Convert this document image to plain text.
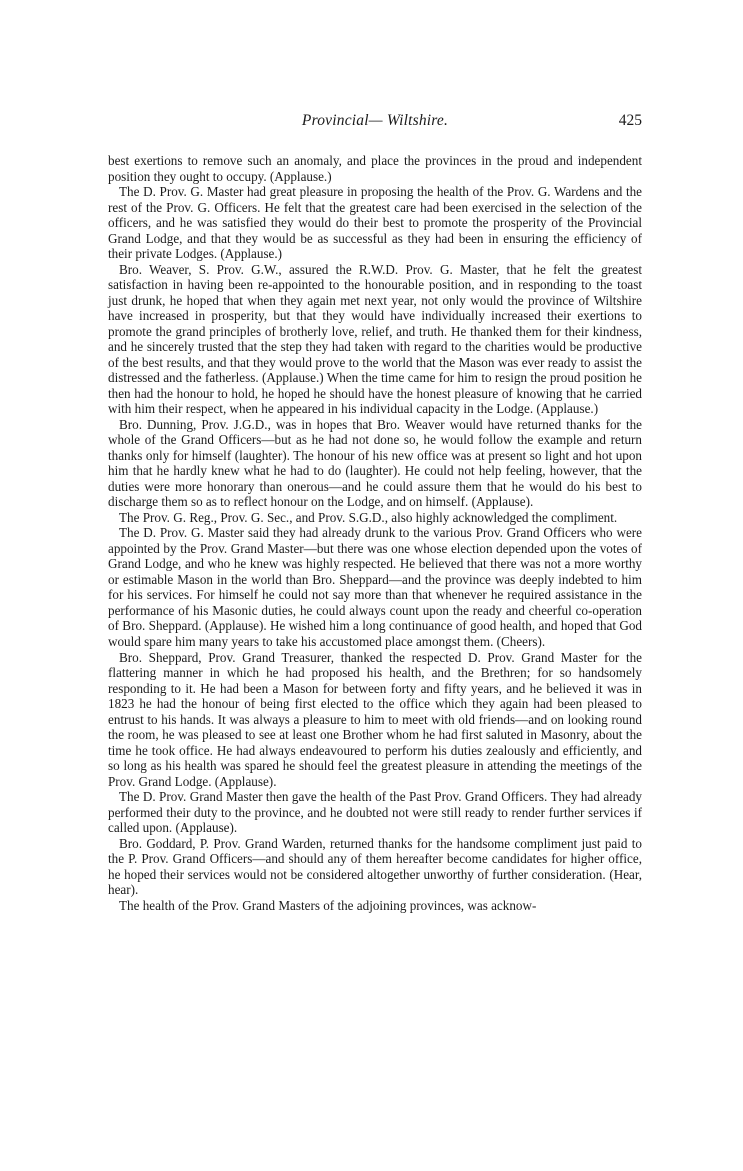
Provincial— Wiltshire.	425

best exertions to remove such an anomaly, and place the provinces in the proud and independent position they ought to occupy. (Applause.)

The D. Prov. G. Master had great pleasure in proposing the health of the Prov. G. Wardens and the rest of the Prov. G. Officers. He felt that the greatest care had been exercised in the selection of the officers, and he was satisfied they would do their best to promote the prosperity of the Provincial Grand Lodge, and that they would be as successful as they had been in ensuring the efficiency of their private Lodges. (Applause.)

Bro. Weaver, S. Prov. G.W., assured the R.W.D. Prov. G. Master, that he felt the greatest satisfaction in having been re-appointed to the honourable position, and in responding to the toast just drunk, he hoped that when they again met next year, not only would the province of Wiltshire have increased in prosperity, but that they would have individually increased their exertions to promote the grand principles of brotherly love, relief, and truth. He thanked them for their kindness, and he sincerely trusted that the step they had taken with regard to the charities would be productive of the best results, and that they would prove to the world that the Mason was ever ready to assist the distressed and the fatherless. (Applause.) When the time came for him to resign the proud position he then had the honour to hold, he hoped he should have the honest pleasure of knowing that he carried with him their respect, when he appeared in his individual capacity in the Lodge. (Applause.)

Bro. Dunning, Prov. J.G.D., was in hopes that Bro. Weaver would have returned thanks for the whole of the Grand Officers—but as he had not done so, he would follow the example and return thanks only for himself (laughter). The honour of his new office was at present so light and hot upon him that he hardly knew what he had to do (laughter). He could not help feeling, however, that the duties were more honorary than onerous—and he could assure them that he would do his best to discharge them so as to reflect honour on the Lodge, and on himself. (Applause).

The Prov. G. Reg., Prov. G. Sec., and Prov. S.G.D., also highly acknowledged the compliment.

The D. Prov. G. Master said they had already drunk to the various Prov. Grand Officers who were appointed by the Prov. Grand Master—but there was one whose election depended upon the votes of Grand Lodge, and who he knew was highly respected. He believed that there was not a more worthy or estimable Mason in the world than Bro. Sheppard—and the province was deeply indebted to him for his services. For himself he could not say more than that whenever he required assistance in the performance of his Masonic duties, he could always count upon the ready and cheerful co-operation of Bro. Sheppard. (Applause). He wished him a long continuance of good health, and hoped that God would spare him many years to take his accustomed place amongst them. (Cheers).

Bro. Sheppard, Prov. Grand Treasurer, thanked the respected D. Prov. Grand Master for the flattering manner in which he had proposed his health, and the Brethren; for so handsomely responding to it. He had been a Mason for between forty and fifty years, and he believed it was in 1823 he had the honour of being first elected to the office which they again had been pleased to entrust to his hands. It was always a pleasure to him to meet with old friends—and on looking round the room, he was pleased to see at least one Brother whom he had first saluted in Masonry, about the time he took office. He had always endeavoured to perform his duties zealously and efficiently, and so long as his health was spared he should feel the greatest pleasure in attending the meetings of the Prov. Grand Lodge. (Applause).

The D. Prov. Grand Master then gave the health of the Past Prov. Grand Officers. They had already performed their duty to the province, and he doubted not were still ready to render further services if called upon. (Applause).

Bro. Goddard, P. Prov. Grand Warden, returned thanks for the handsome compliment just paid to the P. Prov. Grand Officers—and should any of them hereafter become candidates for higher office, he hoped their services would not be considered altogether unworthy of further consideration. (Hear, hear).

The health of the Prov. Grand Masters of the adjoining provinces, was acknow-
